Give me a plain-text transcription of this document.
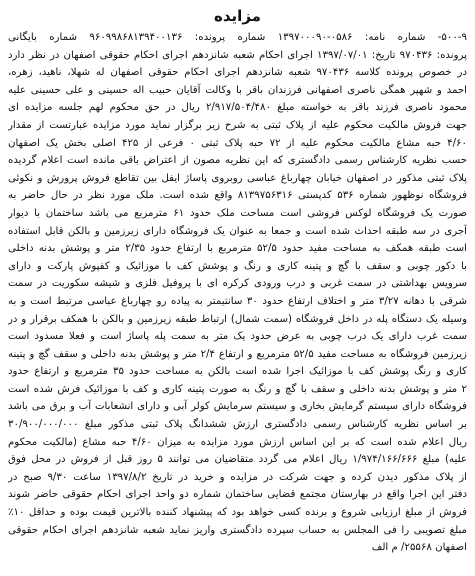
مزایده
۵۰۰-۹- شماره نامه: ۰۵۸۶-۱۳۹۷۰۰۰۹۰ شماره پرونده: ۹۶۰۹۹۸۶۸۱۳۹۴۰۰۱۳۶ شماره بایگانی
پرونده: ۹۷۰۴۳۶ تاریخ: ۱۳۹۷/۰۷/۰۱ اجرای احکام شعبه شانزدهم اجرای احکام حقوقی اصفهان در نظر دارد
در خصوص پرونده کلاسه ۹۷۰۴۳۶ شعبه شانزدهم اجرای احکام حقوقی اصفهان له شهلا، ناهید، زهره،
احمد و شهپر همگی ناصری اصفهانی فرزندان باقر با وکالت آقایان حبیب اله حسینی و علی حسینی علیه
محمود ناصری فرزند باقر به خواسته مبلغ ۲/۹۱۷/۵۰۴/۴۸۰ ریال در حق محکوم لهم جلسه مزایده ای
جهت فروش مالکیت محکوم علیه از پلاک ثبتی به شرح زیر برگزار نماید مورد مزایده عبارتست از مقدار
۴/۶۰ حبه مشاع مالکیت محکوم علیه از ۷۲ حبه پلاک ثبتی ۰ فرعی از ۴۲۵ اصلی بخش یک اصفهان
حسب نظریه کارشناس رسمی دادگستری که این نظریه مصون از اعتراض باقی مانده است اعلام گردیده
پلاک ثبتی مذکور در اصفهان خیابان چهارباغ عباسی روبروی پاساژ ایفل بین تقاطع فروش پرورش و نکوئی
فروشگاه نوظهور شماره ۵۳۶ کدپستی ۸۱۳۹۷۵۶۳۱۶ واقع شده است. ملک مورد نظر در حال حاضر به
صورت یک فروشگاه لوکس فروشی است مساحت ملک حدود ۶۱ مترمربع می باشد ساختمان با دیوار
آجری در سه طبقه احداث شده است و جمعا به عنوان یک فروشگاه دارای زیرزمین و بالکن قابل استفاده
است طبقه همکف به مساحت مفید حدود ۵۲/۵ مترمربع با ارتفاع حدود ۲/۳۵ متر و پوشش بدنه داخلی
با دکور چوبی و سقف با گچ و پتینه کاری و رنگ و پوشش کف با موزائیک و کفپوش پارکت و دارای
سرویس بهداشتی در سمت غربی و درب ورودی کرکره ای با پروفیل فلزی و شیشه سکوریت در سمت
شرقی با دهانه ۳/۲۷ متر و اختلاف ارتفاع حدود ۳۰ سانتیمتر به پیاده رو چهارباغ عباسی مرتبط است و به
وسیله یک دستگاه پله در داخل فروشگاه (سمت شمال) ارتباط طبقه زیرزمین و بالکن با همکف برقرار و در
سمت غرب دارای یک درب چوبی به عرض حدود یک متر به سمت پله پاساژ است و فعلا مسدود است
زیرزمین فروشگاه به مساحت مفید ۵۲/۵ مترمربع و ارتفاع ۲/۴ متر و پوشش بدنه داخلی و سقف گچ و پتینه
کاری و رنگ پوشش کف با موزائیک اجرا شده است بالکن به مساحت حدود ۳۵ مترمربع و ارتفاع حدود
۲ متر و پوشش بدنه داخلی و سقف با گچ و رنگ به صورت پتینه کاری و کف با موزائیک فرش شده است
فروشگاه دارای سیستم گرمایش بخاری و سیستم سرمایش کولر آبی و دارای انشعابات آب و برق می باشد
بر اساس نظریه کارشناس رسمی دادگستری ارزش ششدانگ پلاک ثبتی مذکور مبلغ ۳۰/۹۰۰/۰۰۰/۰۰۰
ریال اعلام شده است که بر این اساس ارزش مورد مزایده به میزان ۴/۶۰ حبه مشاع (مالکیت محکوم
علیه) مبلغ ۱/۹۷۴/۱۶۶/۶۶۶ ریال اعلام می گردد متقاضیان می توانند ۵ روز قبل از فروش در محل فوق
از پلاک مذکور دیدن کرده و جهت شرکت در مزایده و خرید در تاریخ ۱۳۹۷/۸/۲ ساعت ۹/۳۰ صبح در
دفتر این اجرا واقع در بهارستان مجتمع قضایی ساختمان شماره دو واحد اجرای احکام حقوقی حاضر شوند
فروش از مبلغ ارزیابی شروع و برنده کسی خواهد بود که پیشنهاد کننده بالاترین قیمت بوده و حداقل ۱۰٪
مبلغ تصویبی را فی المجلس به حساب سپرده دادگستری واریز نماید شعبه شانزدهم اجرای احکام حقوقی
اصفهان ۲۵۵۶۸/ م الف
